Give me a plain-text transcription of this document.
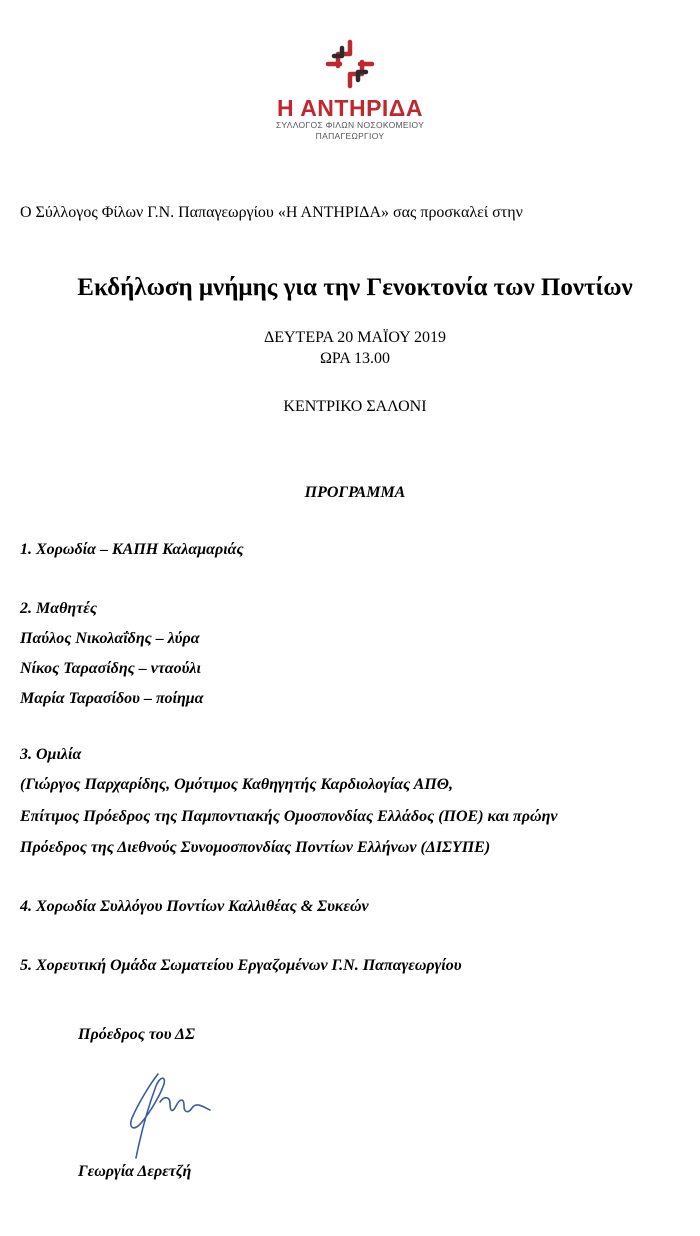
Η ΑΝΤΗΡΙΔΑ
ΣΥΛΛΟΓΟΣ ΦΙΛΩΝ ΝΟΣΟΚΟΜΕΙΟΥ
ΠΑΠΑΓΕΩΡΓΙΟΥ
Ο Σύλλογος Φίλων Γ.Ν. Παπαγεωργίου «Η ΑΝΤΗΡΙΔΑ» σας προσκαλεί στην
Εκδήλωση μνήμης για την Γενοκτονία των Ποντίων
ΔΕΥΤΕΡΑ 20 ΜΑΪΟΥ 2019
ΩΡΑ 13.00
ΚΕΝΤΡΙΚΟ ΣΑΛΟΝΙ
ΠΡΟΓΡΑΜΜΑ
1. Χορωδία – ΚΑΠΗ Καλαμαριάς
2. Μαθητές
Παύλος Νικολαΐδης – λύρα
Νίκος Ταρασίδης – νταούλι
Μαρία Ταρασίδου – ποίημα
3. Ομιλία
(Γιώργος Παρχαρίδης, Ομότιμος Καθηγητής Καρδιολογίας ΑΠΘ,
Επίτιμος Πρόεδρος της Παμποντιακής Ομοσπονδίας Ελλάδος (ΠΟΕ) και πρώην
Πρόεδρος της Διεθνούς Συνομοσπονδίας Ποντίων Ελλήνων (ΔΙΣΥΠΕ)
4. Χορωδία Συλλόγου Ποντίων Καλλιθέας & Συκεών
5. Χορευτική Ομάδα Σωματείου Εργαζομένων Γ.Ν. Παπαγεωργίου
Πρόεδρος του ΔΣ
Γεωργία Δερετζή
